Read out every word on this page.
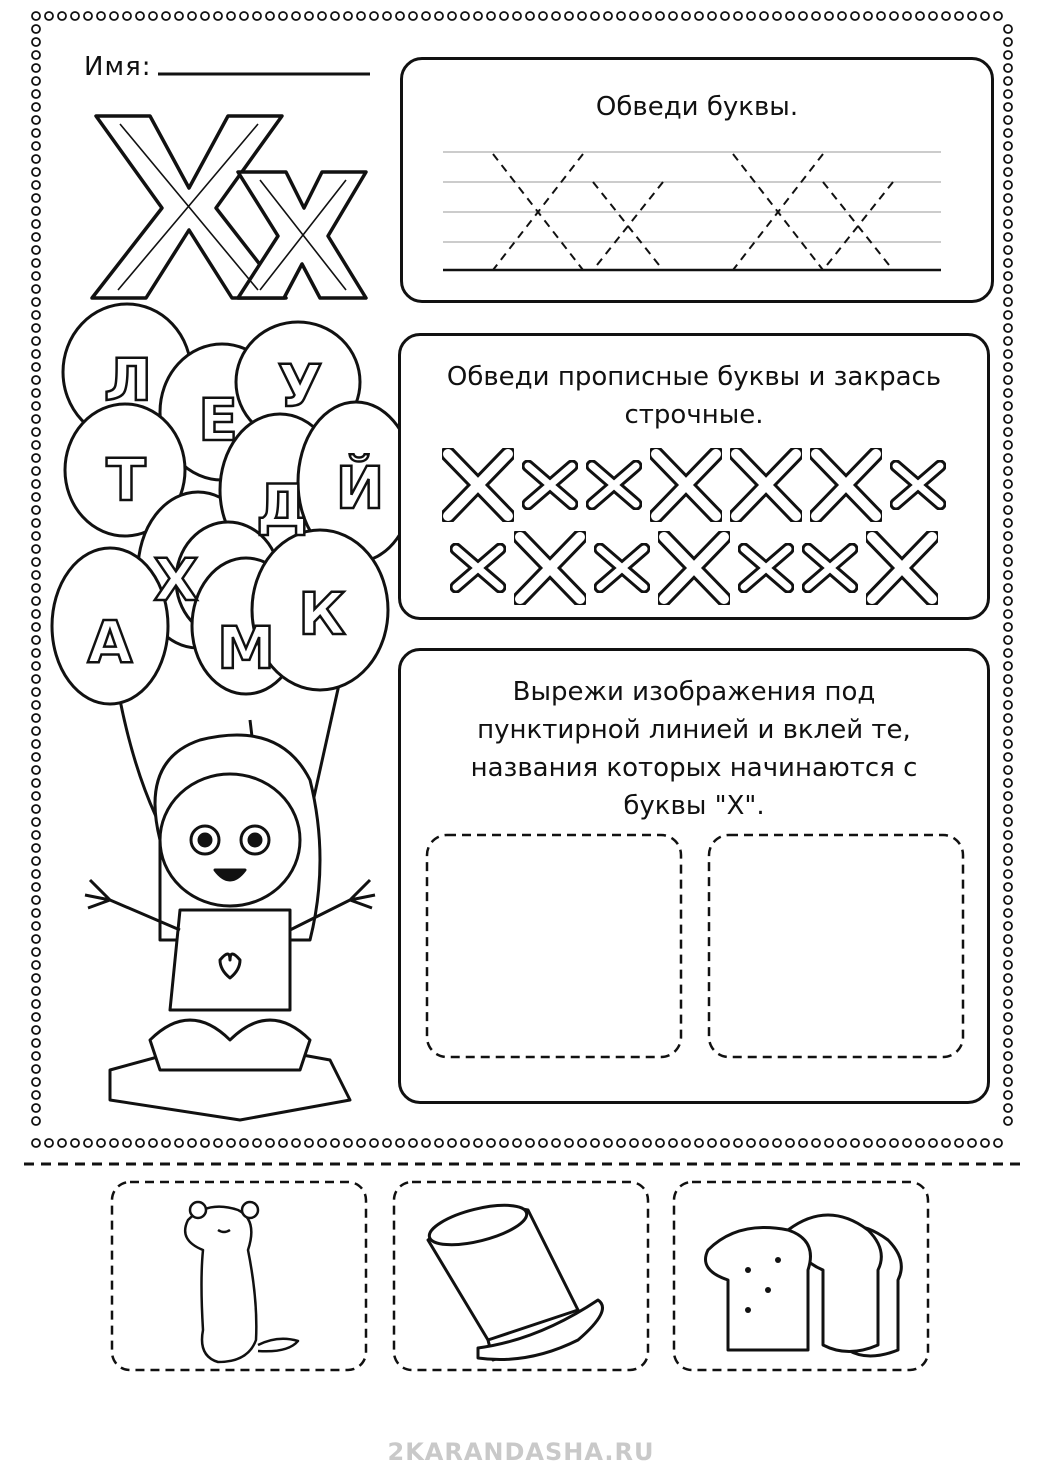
Имя:
Л
Е У
Т Д Й
Х
А М К
Обведи буквы.
Обведи прописные буквы и закрась
строчные.
Вырежи изображения под
пунктирной линией и вклей те,
названия которых начинаются с
буквы "Х".
2KARANDASHA.RU
